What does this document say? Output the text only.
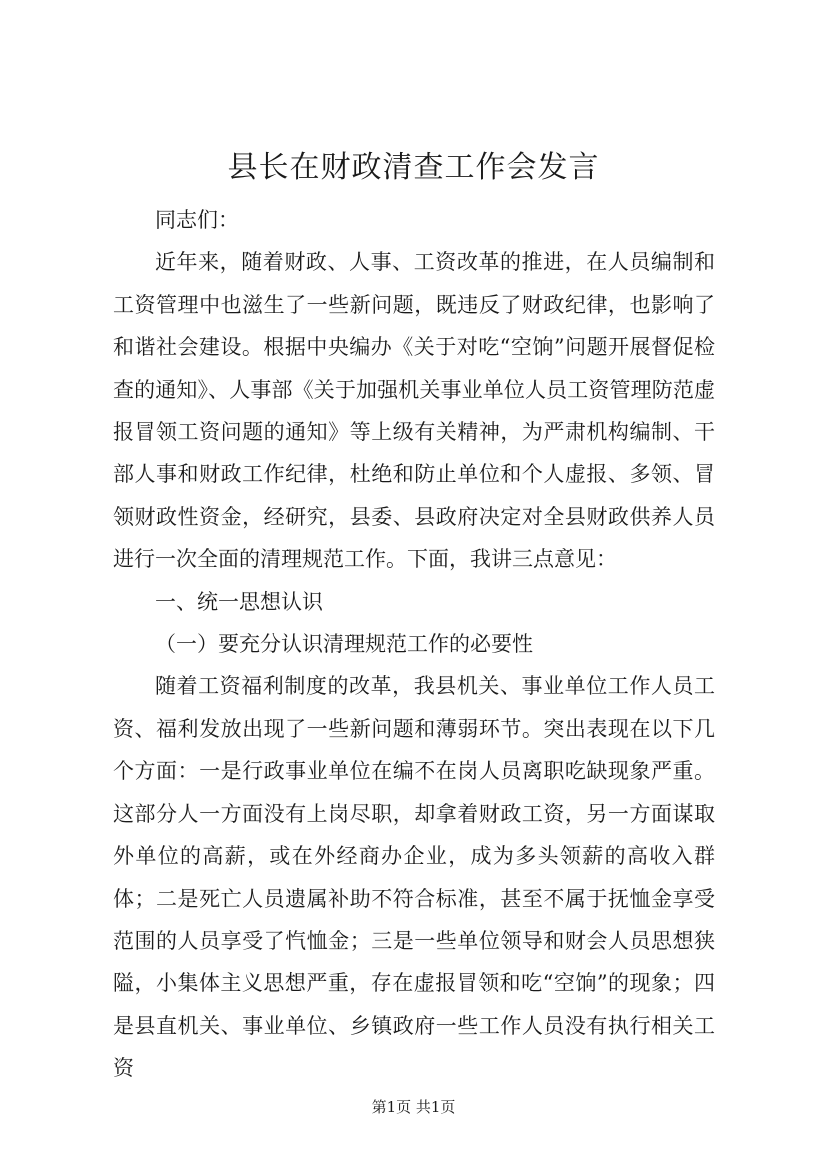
县长在财政清查工作会发言

同志们：

近年来，随着财政、人事、工资改革的推进，在人员编制和工资管理中也滋生了一些新问题，既违反了财政纪律，也影响了和谐社会建设。根据中央编办《关于对吃“空饷”问题开展督促检查的通知》、人事部《关于加强机关事业单位人员工资管理防范虚报冒领工资问题的通知》等上级有关精神，为严肃机构编制、干部人事和财政工作纪律，杜绝和防止单位和个人虚报、多领、冒领财政性资金，经研究，县委、县政府决定对全县财政供养人员进行一次全面的清理规范工作。下面，我讲三点意见：

一、统一思想认识

（一）要充分认识清理规范工作的必要性

随着工资福利制度的改革，我县机关、事业单位工作人员工资、福利发放出现了一些新问题和薄弱环节。突出表现在以下几个方面：一是行政事业单位在编不在岗人员离职吃缺现象严重。这部分人一方面没有上岗尽职，却拿着财政工资，另一方面谋取外单位的高薪，或在外经商办企业，成为多头领薪的高收入群体；二是死亡人员遗属补助不符合标准，甚至不属于抚恤金享受范围的人员享受了忾恤金；三是一些单位领导和财会人员思想狭隘，小集体主义思想严重，存在虚报冒领和吃“空饷”的现象；四是县直机关、事业单位、乡镇政府一些工作人员没有执行相关工资

第1页 共1页
